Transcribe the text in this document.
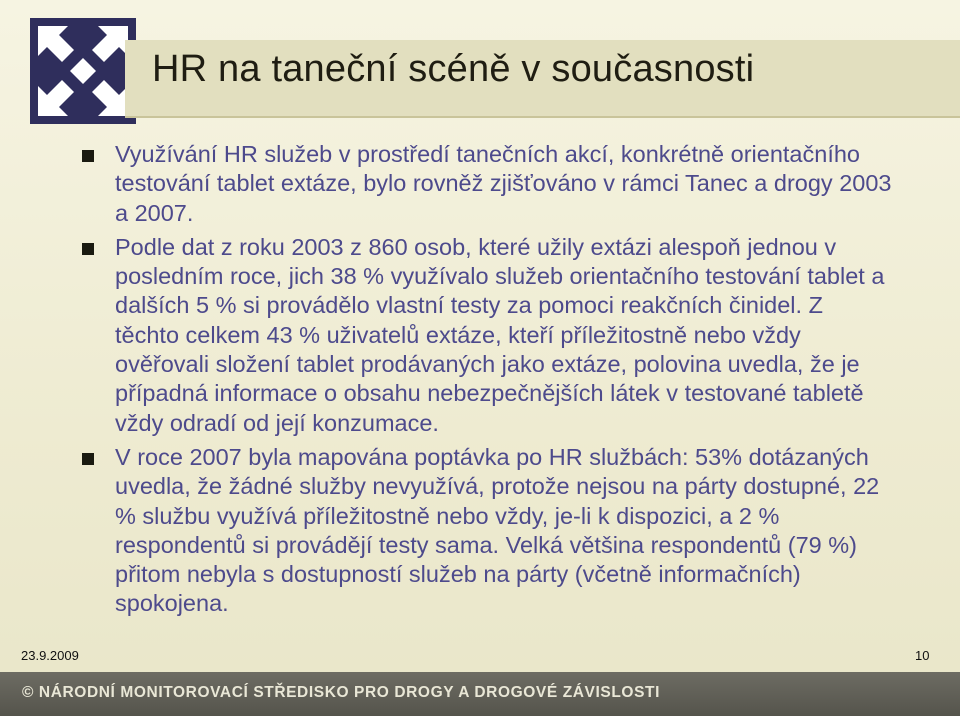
HR na taneční scéně v současnosti
Využívání HR služeb v prostředí tanečních akcí, konkrétně orientačního testování tablet extáze, bylo rovněž zjišťováno v rámci Tanec a drogy 2003 a 2007.
Podle dat z roku 2003 z 860 osob, které užily extázi alespoň jednou v posledním roce, jich 38 % využívalo služeb orientačního testování tablet a dalších 5 % si provádělo vlastní testy za pomoci reakčních činidel. Z těchto celkem 43 % uživatelů extáze, kteří příležitostně nebo vždy ověřovali složení tablet prodávaných jako extáze, polovina uvedla, že je případná informace o obsahu nebezpečnějších látek v testované tabletě vždy odradí od její konzumace.
V roce 2007 byla mapována poptávka po HR službách: 53% dotázaných uvedla, že žádné služby nevyužívá, protože nejsou na párty dostupné, 22 % službu využívá příležitostně nebo vždy, je-li k dispozici, a 2 % respondentů si provádějí testy sama. Velká většina respondentů (79 %) přitom nebyla s dostupností služeb na párty (včetně informačních) spokojena.
23.9.2009	10
© NÁRODNÍ MONITOROVACÍ STŘEDISKO PRO DROGY A DROGOVÉ ZÁVISLOSTI
